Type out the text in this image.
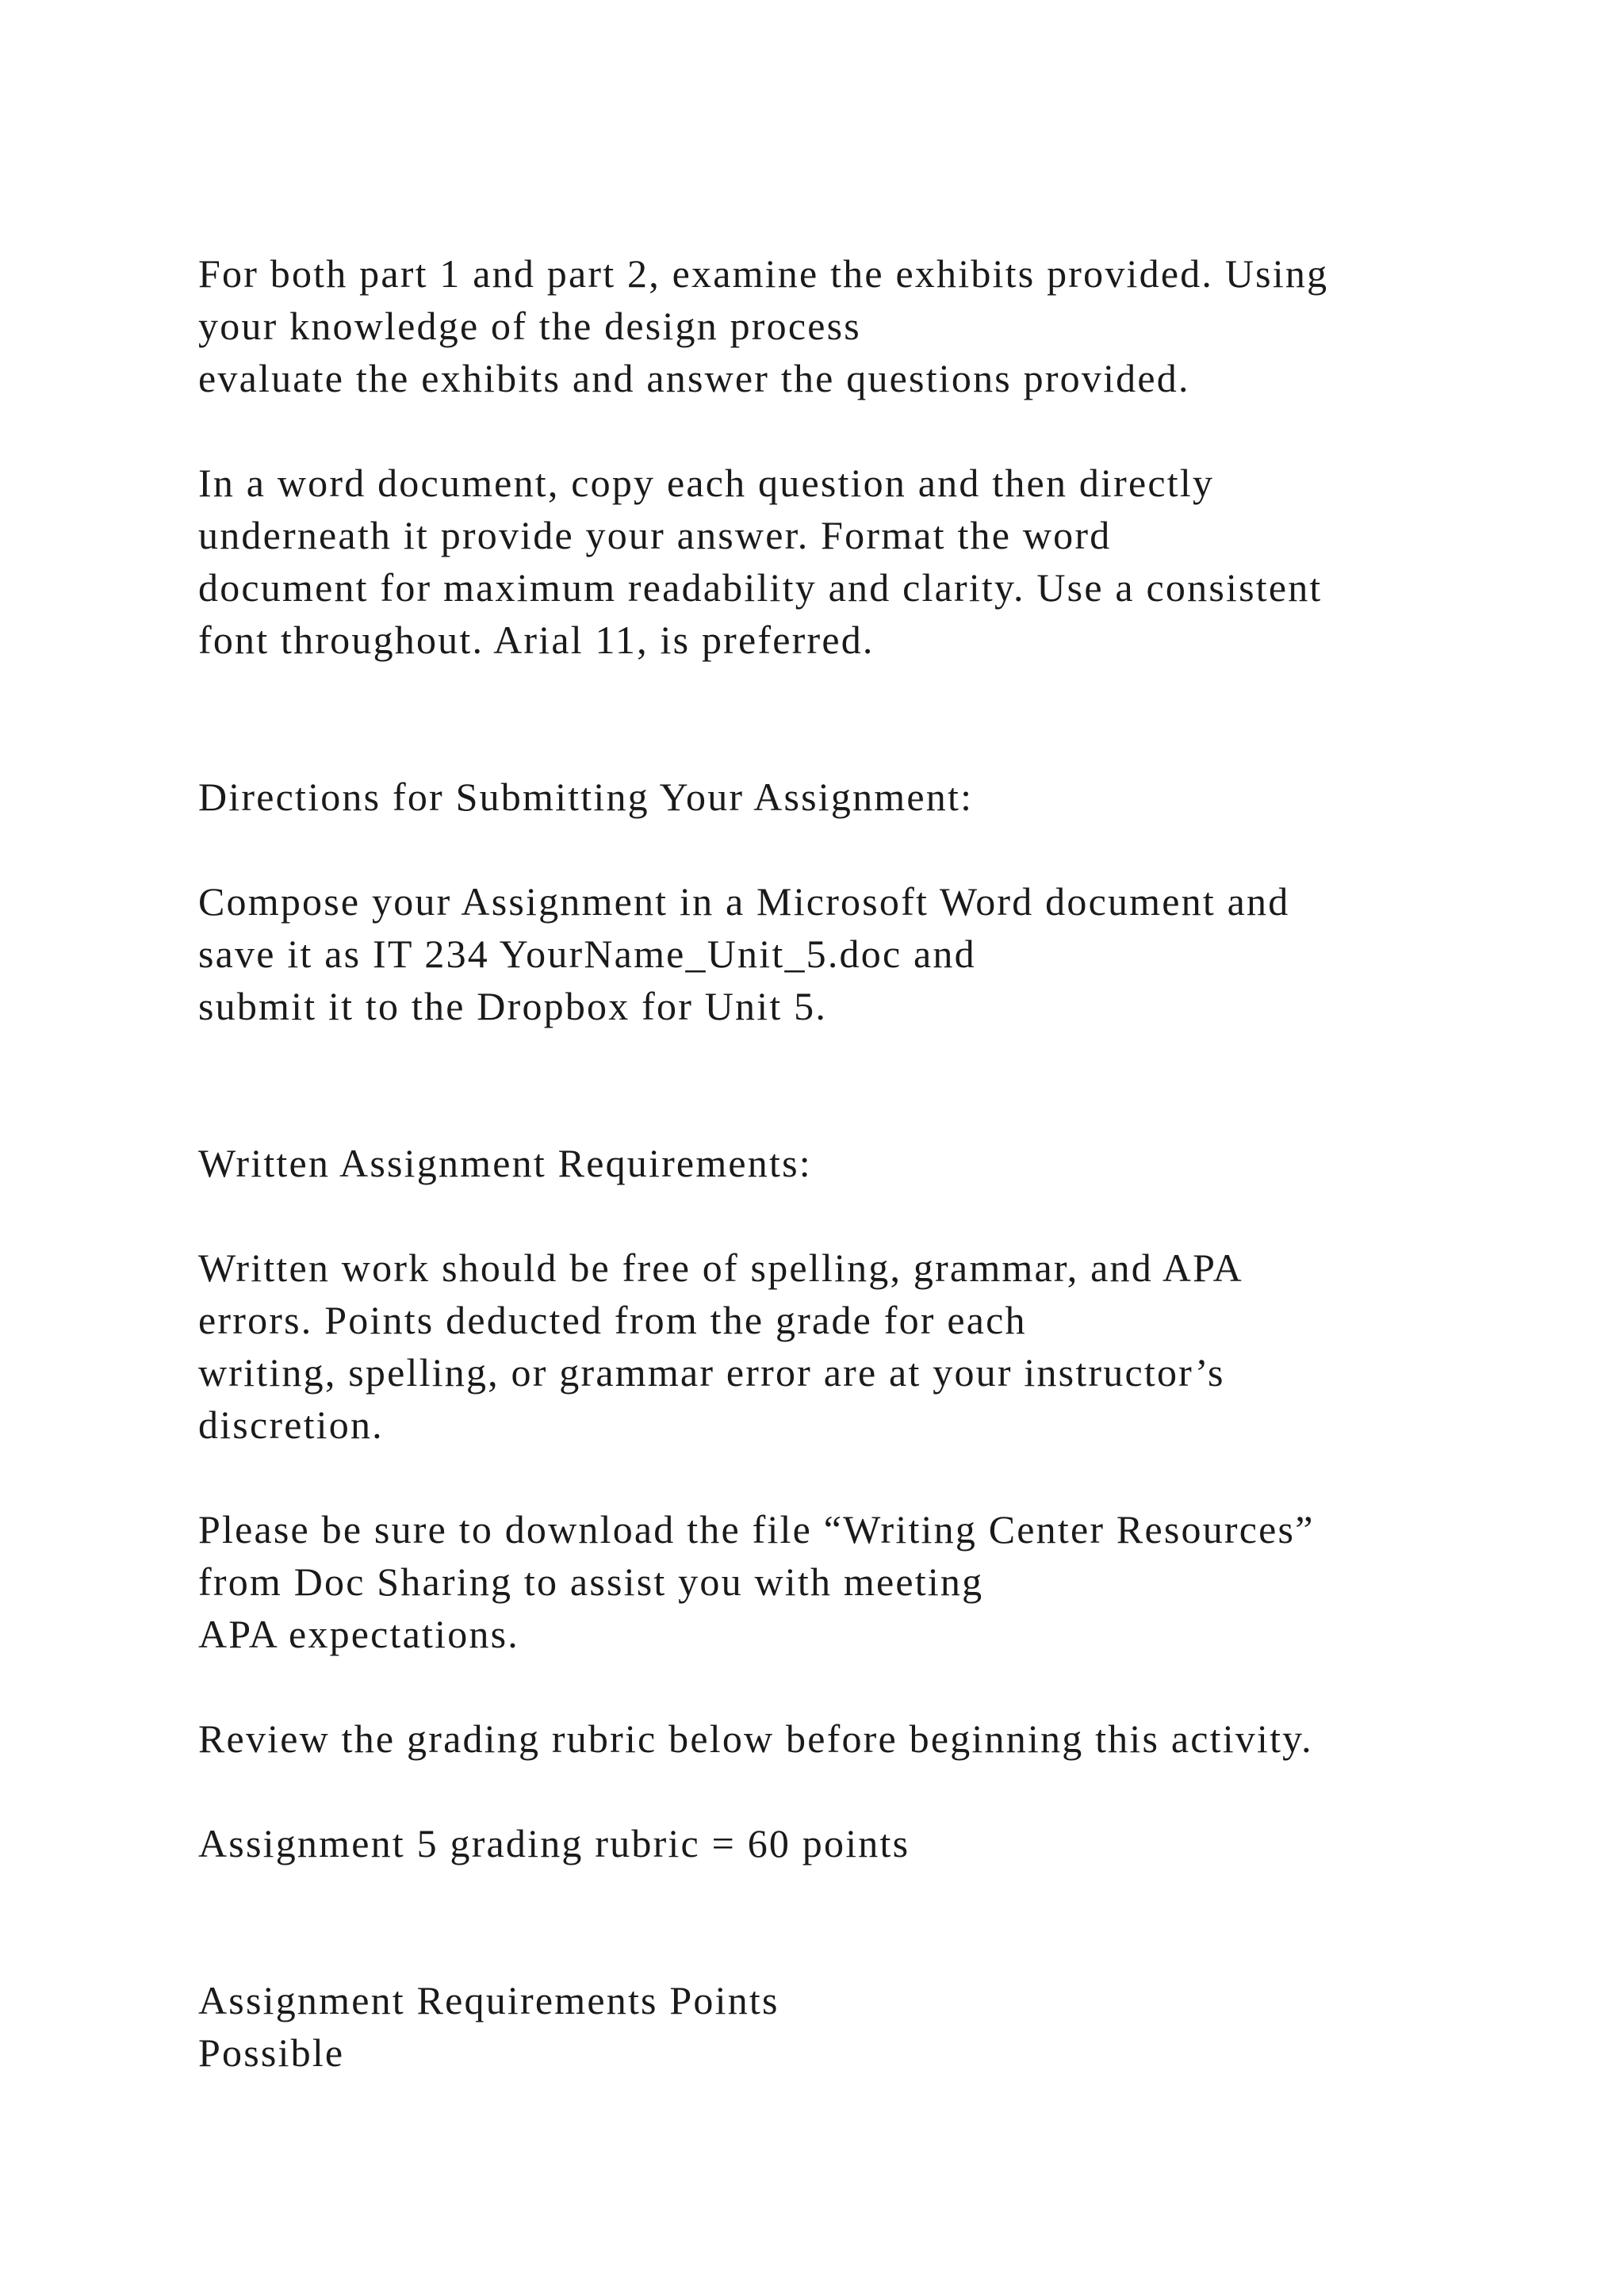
For both part 1 and part 2, examine the exhibits provided. Using
your knowledge of the design process
evaluate the exhibits and answer the questions provided.
In a word document, copy each question and then directly
underneath it provide your answer. Format the word
document for maximum readability and clarity. Use a consistent
font throughout. Arial 11, is preferred.
Directions for Submitting Your Assignment:
Compose your Assignment in a Microsoft Word document and
save it as IT 234 YourName_Unit_5.doc and
submit it to the Dropbox for Unit 5.
Written Assignment Requirements:
Written work should be free of spelling, grammar, and APA
errors. Points deducted from the grade for each
writing, spelling, or grammar error are at your instructor’s
discretion.
Please be sure to download the file “Writing Center Resources”
from Doc Sharing to assist you with meeting
APA expectations.
Review the grading rubric below before beginning this activity.
Assignment 5 grading rubric = 60 points
Assignment Requirements Points
Possible
